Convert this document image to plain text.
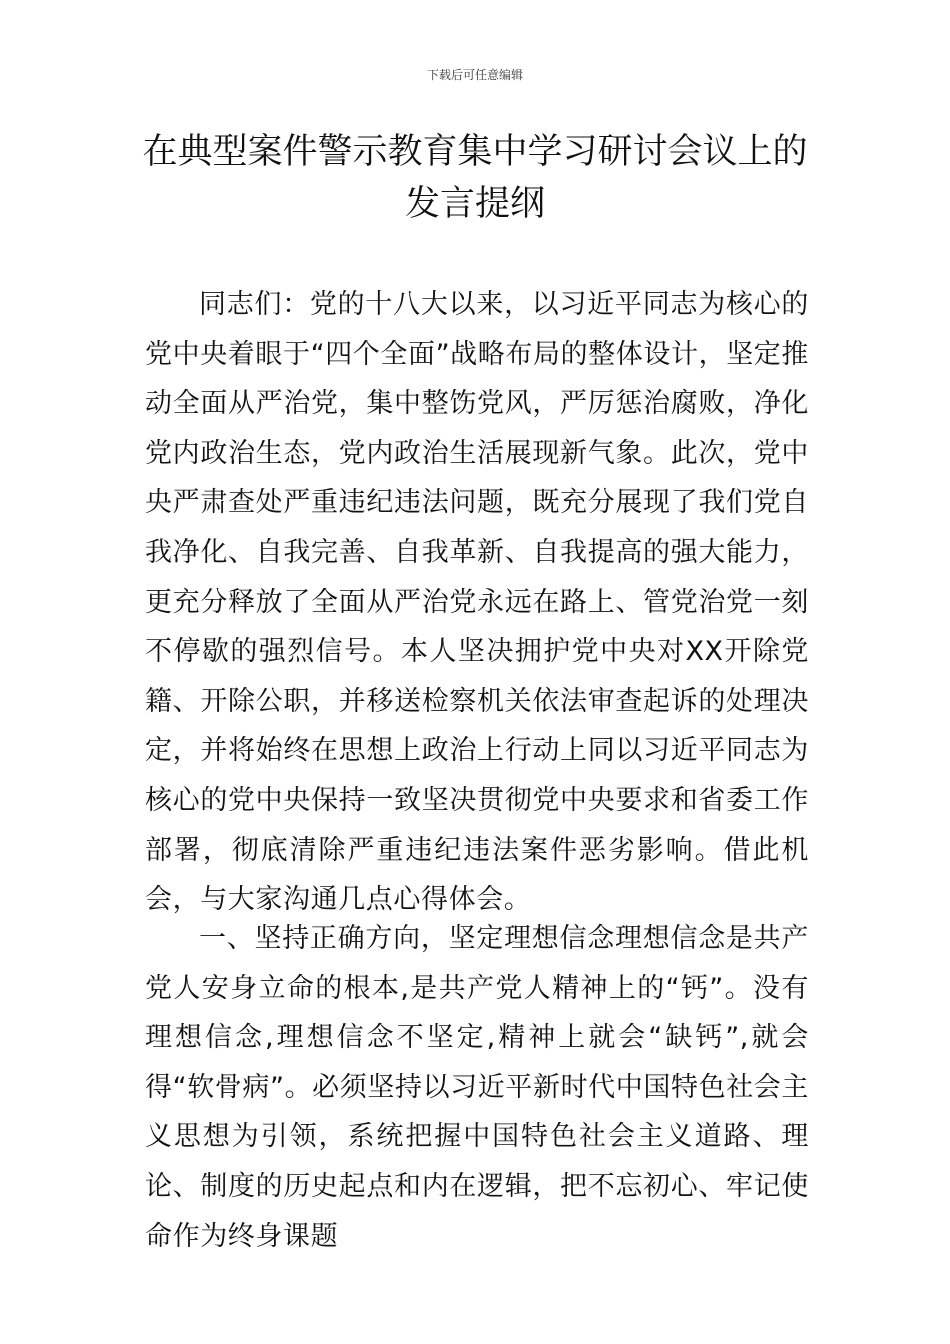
下载后可任意编辑
在典型案件警示教育集中学习研讨会议上的发言提纲

同志们：党的十八大以来，以习近平同志为核心的党中央着眼于“四个全面”战略布局的整体设计，坚定推动全面从严治党，集中整饬党风，严厉惩治腐败，净化党内政治生态，党内政治生活展现新气象。此次，党中央严肃查处严重违纪违法问题，既充分展现了我们党自我净化、自我完善、自我革新、自我提高的强大能力，更充分释放了全面从严治党永远在路上、管党治党一刻不停歇的强烈信号。本人坚决拥护党中央对XX开除党籍、开除公职，并移送检察机关依法审查起诉的处理决定，并将始终在思想上政治上行动上同以习近平同志为核心的党中央保持一致坚决贯彻党中央要求和省委工作部署，彻底清除严重违纪违法案件恶劣影响。借此机会，与大家沟通几点心得体会。

一、坚持正确方向，坚定理想信念理想信念是共产党人安身立命的根本,是共产党人精神上的“钙”。没有理想信念,理想信念不坚定,精神上就会“缺钙”,就会得“软骨病”。必须坚持以习近平新时代中国特色社会主义思想为引领，系统把握中国特色社会主义道路、理论、制度的历史起点和内在逻辑，把不忘初心、牢记使命作为终身课题
